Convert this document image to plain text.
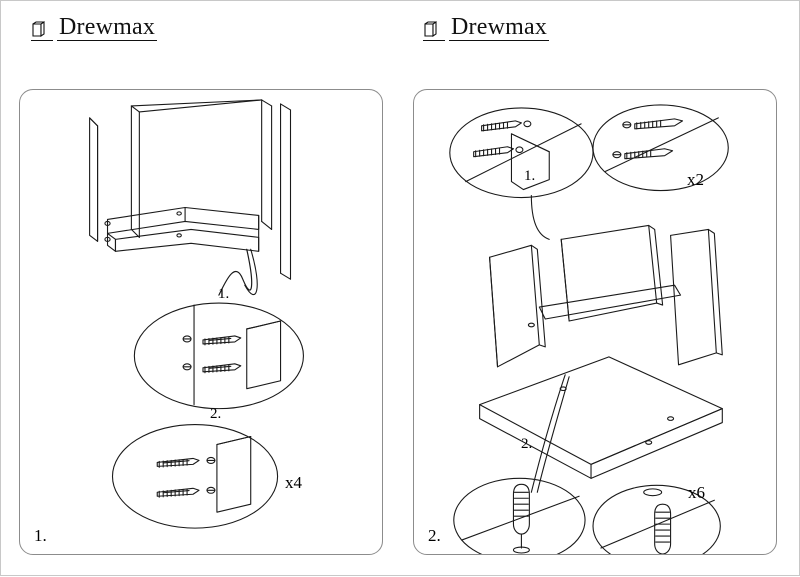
Drewmax
1.
2.
x4
1.
Drewmax
1.
2.
x2
x6
2.
